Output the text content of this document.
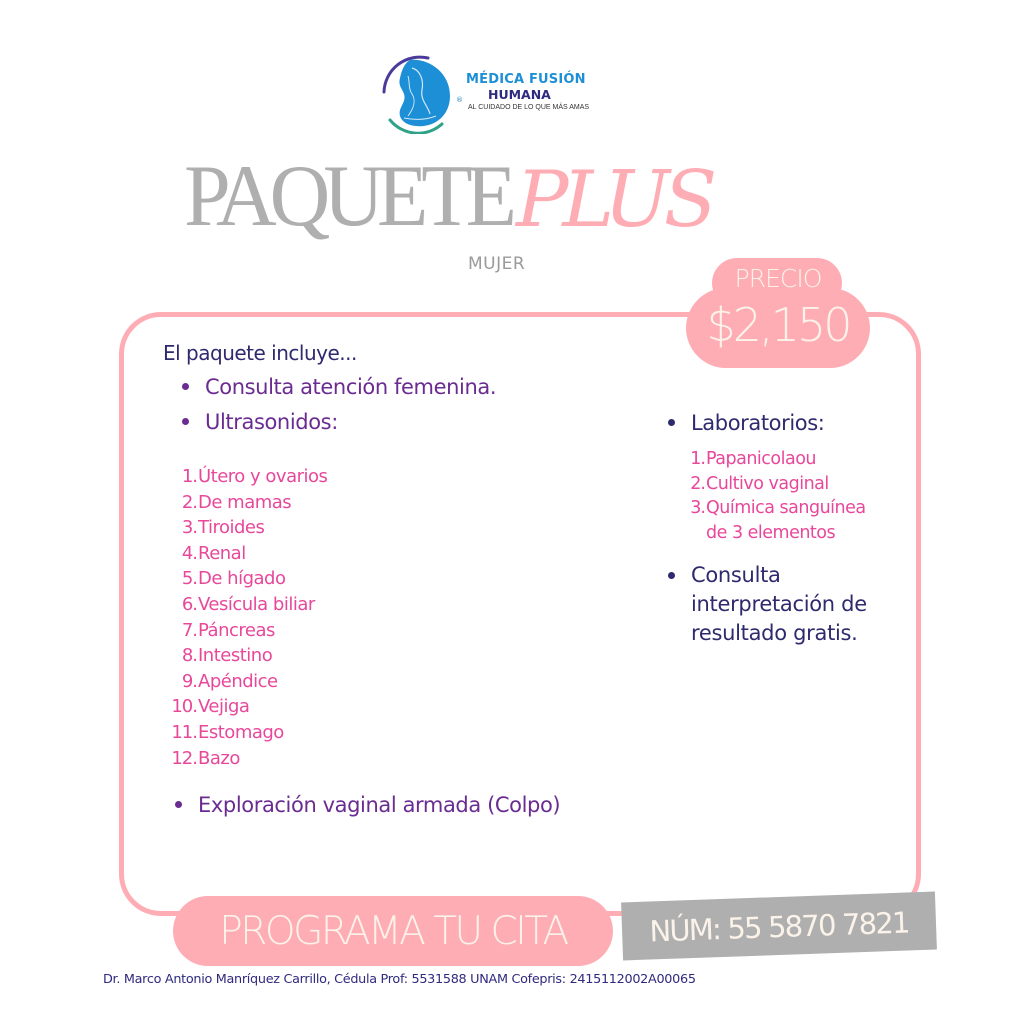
®
MÉDICA FUSIÓN
HUMANA
AL CUIDADO DE LO QUE MÁS AMAS
PAQUETEPLUS
MUJER	PRECIO
$2,150
El paquete incluye...
Consulta atención femenina.
Ultrasonidos:
1. Útero y ovarios
2. De mamas
3. Tiroides
4. Renal
5. De hígado
6. Vesícula biliar
7. Páncreas
8. Intestino
9. Apéndice
10. Vejiga
11. Estomago
12. Bazo
Exploración vaginal armada (Colpo)
Laboratorios:
1. Papanicolaou
2. Cultivo vaginal
3. Química sanguínea
de 3 elementos
Consulta interpretación de resultado gratis.
PROGRAMA TU CITA	NÚM: 55 5870 7821
Dr. Marco Antonio Manríquez Carrillo, Cédula Prof: 5531588 UNAM Cofepris: 2415112002A00065
